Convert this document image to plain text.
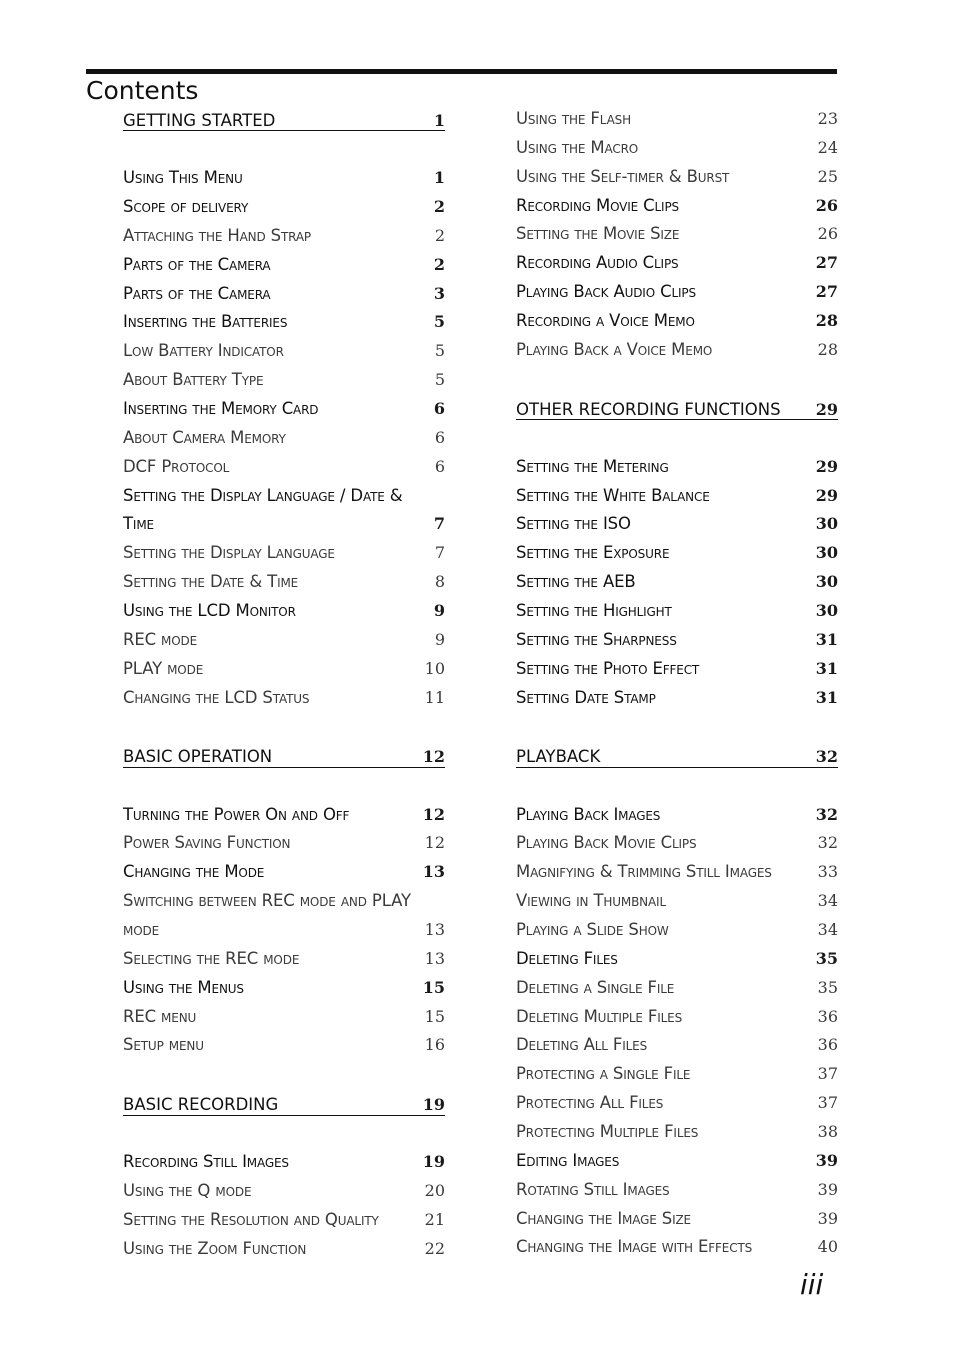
Contents
GETTING STARTED	1
Using This Menu	1
Scope of delivery	2
Attaching the Hand Strap	2
Parts of the Camera	2
Parts of the Camera	3
Inserting the Batteries	5
Low Battery Indicator	5
About Battery Type	5
Inserting the Memory Card	6
About Camera Memory	6
DCF Protocol	6
Setting the Display Language / Date &
Time	7
Setting the Display Language	7
Setting the Date & Time	8
Using the LCD Monitor	9
REC mode	9
PLAY mode	10
Changing the LCD Status	11
BASIC OPERATION	12
Turning the Power On and Off	12
Power Saving Function	12
Changing the Mode	13
Switching between REC mode and PLAY
mode	13
Selecting the REC mode	13
Using the Menus	15
REC menu	15
Setup menu	16
BASIC RECORDING	19
Recording Still Images	19
Using the Q mode	20
Setting the Resolution and Quality	21
Using the Zoom Function	22
Using the Flash	23
Using the Macro	24
Using the Self-timer & Burst	25
Recording Movie Clips	26
Setting the Movie Size	26
Recording Audio Clips	27
Playing Back Audio Clips	27
Recording a Voice Memo	28
Playing Back a Voice Memo	28
OTHER RECORDING FUNCTIONS 29
Setting the Metering	29
Setting the White Balance	29
Setting the ISO	30
Setting the Exposure	30
Setting the AEB	30
Setting the Highlight	30
Setting the Sharpness	31
Setting the Photo Effect	31
Setting Date Stamp	31
PLAYBACK	32
Playing Back Images	32
Playing Back Movie Clips	32
Magnifying & Trimming Still Images	33
Viewing in Thumbnail	34
Playing a Slide Show	34
Deleting Files	35
Deleting a Single File	35
Deleting Multiple Files	36
Deleting All Files	36
Protecting a Single File	37
Protecting All Files	37
Protecting Multiple Files	38
Editing Images	39
Rotating Still Images	39
Changing the Image Size	39
Changing the Image with Effects	40
iii
